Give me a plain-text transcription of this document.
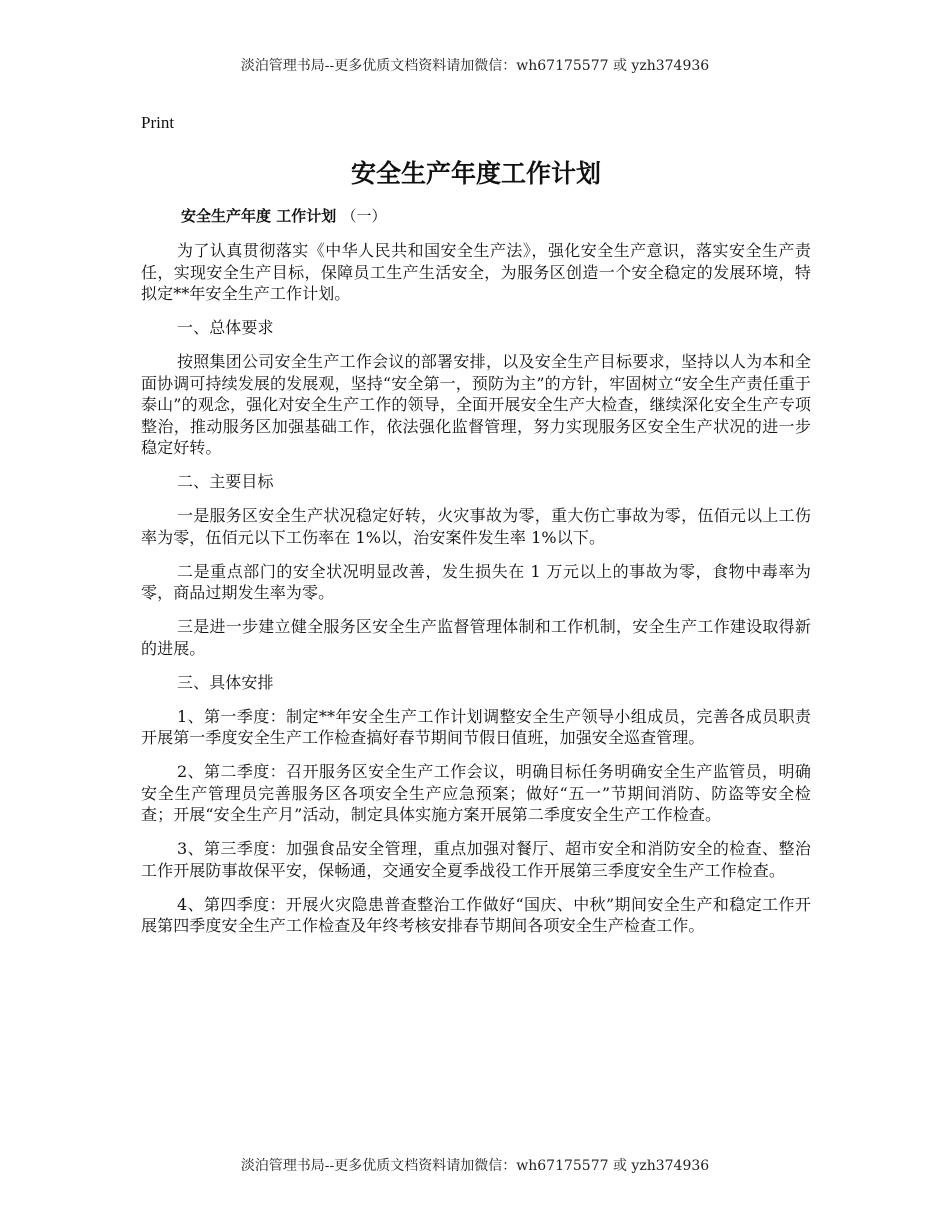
淡泊管理书局--更多优质文档资料请加微信：wh67175577 或 yzh374936
Print
安全生产年度工作计划
安全生产年度 工作计划 （一）

为了认真贯彻落实《中华人民共和国安全生产法》，强化安全生产意识，落实安全生产责任，实现安全生产目标，保障员工生产生活安全，为服务区创造一个安全稳定的发展环境，特拟定**年安全生产工作计划。

一、总体要求

按照集团公司安全生产工作会议的部署安排，以及安全生产目标要求，坚持以人为本和全面协调可持续发展的发展观，坚持“安全第一，预防为主”的方针，牢固树立“安全生产责任重于泰山”的观念，强化对安全生产工作的领导，全面开展安全生产大检查，继续深化安全生产专项整治，推动服务区加强基础工作，依法强化监督管理，努力实现服务区安全生产状况的进一步稳定好转。

二、主要目标

一是服务区安全生产状况稳定好转，火灾事故为零，重大伤亡事故为零，伍佰元以上工伤率为零，伍佰元以下工伤率在 1%以，治安案件发生率 1%以下。

二是重点部门的安全状况明显改善，发生损失在 1 万元以上的事故为零，食物中毒率为零，商品过期发生率为零。

三是进一步建立健全服务区安全生产监督管理体制和工作机制，安全生产工作建设取得新的进展。

三、具体安排

1、第一季度：制定**年安全生产工作计划调整安全生产领导小组成员，完善各成员职责开展第一季度安全生产工作检查搞好春节期间节假日值班，加强安全巡查管理。

2、第二季度：召开服务区安全生产工作会议，明确目标任务明确安全生产监管员，明确安全生产管理员完善服务区各项安全生产应急预案；做好“五一”节期间消防、防盗等安全检查；开展“安全生产月”活动，制定具体实施方案开展第二季度安全生产工作检查。

3、第三季度：加强食品安全管理，重点加强对餐厅、超市安全和消防安全的检查、整治工作开展防事故保平安，保畅通，交通安全夏季战役工作开展第三季度安全生产工作检查。

4、第四季度：开展火灾隐患普查整治工作做好“国庆、中秋”期间安全生产和稳定工作开展第四季度安全生产工作检查及年终考核安排春节期间各项安全生产检查工作。

淡泊管理书局--更多优质文档资料请加微信：wh67175577 或 yzh374936
